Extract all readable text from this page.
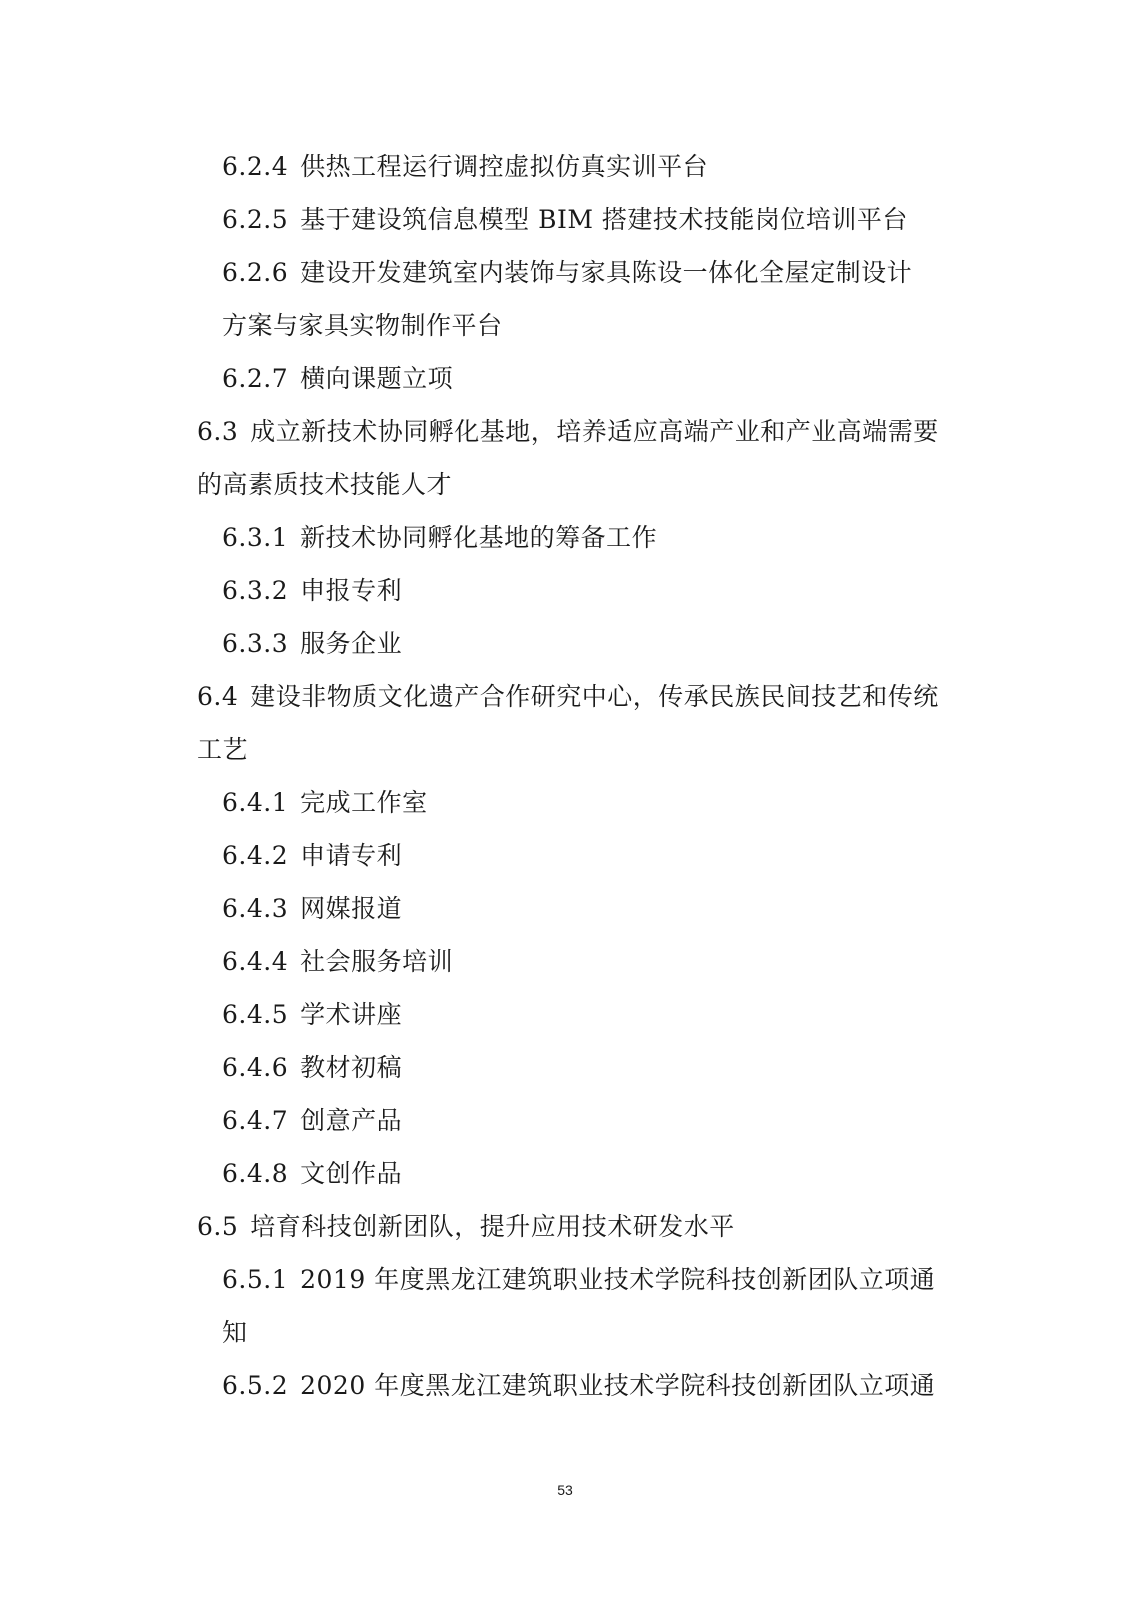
6.2.4 供热工程运行调控虚拟仿真实训平台
6.2.5 基于建设筑信息模型 BIM 搭建技术技能岗位培训平台
6.2.6 建设开发建筑室内装饰与家具陈设一体化全屋定制设计
方案与家具实物制作平台
6.2.7 横向课题立项
6.3 成立新技术协同孵化基地，培养适应高端产业和产业高端需要
的高素质技术技能人才
6.3.1 新技术协同孵化基地的筹备工作
6.3.2 申报专利
6.3.3 服务企业
6.4 建设非物质文化遗产合作研究中心，传承民族民间技艺和传统
工艺
6.4.1 完成工作室
6.4.2 申请专利
6.4.3 网媒报道
6.4.4 社会服务培训
6.4.5 学术讲座
6.4.6 教材初稿
6.4.7 创意产品
6.4.8 文创作品
6.5 培育科技创新团队，提升应用技术研发水平
6.5.1 2019 年度黑龙江建筑职业技术学院科技创新团队立项通
知
6.5.2 2020 年度黑龙江建筑职业技术学院科技创新团队立项通
53
